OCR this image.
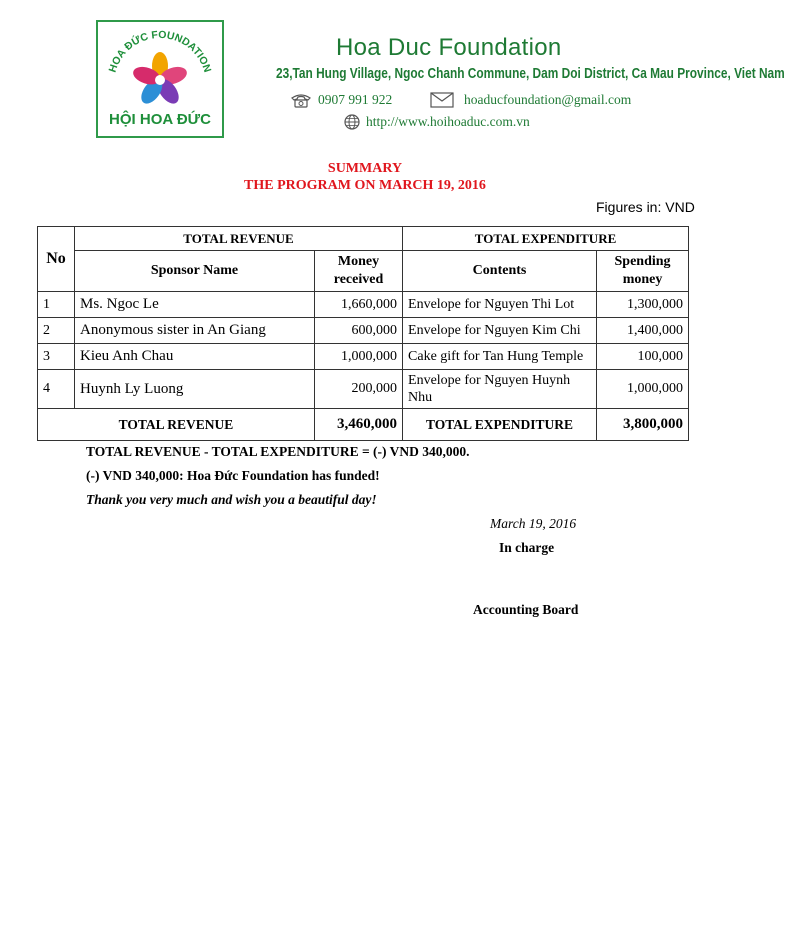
HOA ĐỨC FOUNDATION
HỘI HOA ĐỨC
Hoa Duc Foundation
23,Tan Hung Village, Ngoc Chanh Commune, Dam Doi District, Ca Mau Province, Viet Nam
0907 991 922	hoaducfoundation@gmail.com
http://www.hoihoaduc.com.vn
SUMMARY
THE PROGRAM ON MARCH 19, 2016
Figures in: VND
No	TOTAL REVENUE		TOTAL EXPENDITURE	
	Sponsor Name	Money received	Contents	Spending money
1	Ms. Ngoc Le	1,660,000	Envelope for Nguyen Thi Lot	1,300,000
2	Anonymous sister in An Giang	600,000	Envelope for Nguyen Kim Chi	1,400,000
3	Kieu Anh Chau	1,000,000	Cake gift for Tan Hung Temple	100,000
4	Huynh Ly Luong	200,000	Envelope for Nguyen Huynh Nhu	1,000,000
TOTAL REVENUE		3,460,000	TOTAL EXPENDITURE	3,800,000
TOTAL REVENUE - TOTAL EXPENDITURE = (-) VND 340,000.
(-) VND 340,000: Hoa Đức Foundation has funded!
Thank you very much and wish you a beautiful day!
March 19, 2016
In charge
Accounting Board
